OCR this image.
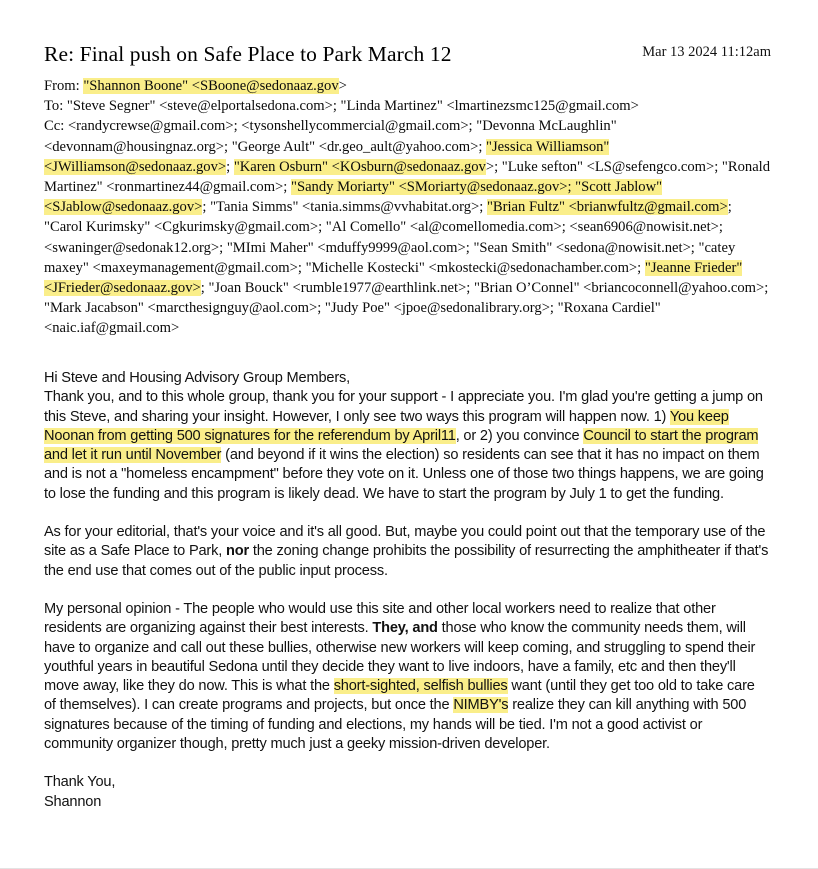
Re: Final push on Safe Place to Park March 12	Mar 13 2024 11:12am
From: "Shannon Boone" <SBoone@sedonaaz.gov>
To: "Steve Segner" <steve@elportalsedona.com>; "Linda Martinez" <lmartinezsmc125@gmail.com>
Cc: <randycrewse@gmail.com>; <tysonshellycommercial@gmail.com>; "Devonna McLaughlin" <devonnam@housingnaz.org>; "George Ault" <dr.geo_ault@yahoo.com>; "Jessica Williamson" <JWilliamson@sedonaaz.gov>; "Karen Osburn" <KOsburn@sedonaaz.gov>; "Luke sefton" <LS@sefengco.com>; "Ronald Martinez" <ronmartinez44@gmail.com>; "Sandy Moriarty" <SMoriarty@sedonaaz.gov>; "Scott Jablow" <SJablow@sedonaaz.gov>; "Tania Simms" <tania.simms@vvhabitat.org>; "Brian Fultz" <brianwfultz@gmail.com>; "Carol Kurimsky" <Cgkurimsky@gmail.com>; "Al Comello" <al@comellomedia.com>; <sean6906@nowisit.net>; <swaninger@sedonak12.org>; "MImi Maher" <mduffy9999@aol.com>; "Sean Smith" <sedona@nowisit.net>; "catey maxey" <maxeymanagement@gmail.com>; "Michelle Kostecki" <mkostecki@sedonachamber.com>; "Jeanne Frieder" <JFrieder@sedonaaz.gov>; "Joan Bouck" <rumble1977@earthlink.net>; "Brian O’Connel" <briancoconnell@yahoo.com>; "Mark Jacabson" <marcthesignguy@aol.com>; "Judy Poe" <jpoe@sedonalibrary.org>; "Roxana Cardiel" <naic.iaf@gmail.com>

Hi Steve and Housing Advisory Group Members,

Thank you, and to this whole group, thank you for your support - I appreciate you. I'm glad you're getting a jump on this Steve, and sharing your insight. However, I only see two ways this program will happen now. 1) You keep Noonan from getting 500 signatures for the referendum by April11, or 2) you convince Council to start the program and let it run until November (and beyond if it wins the election) so residents can see that it has no impact on them and is not a "homeless encampment" before they vote on it. Unless one of those two things happens, we are going to lose the funding and this program is likely dead. We have to start the program by July 1 to get the funding.

As for your editorial, that's your voice and it's all good. But, maybe you could point out that the temporary use of the site as a Safe Place to Park, nor the zoning change prohibits the possibility of resurrecting the amphitheater if that's the end use that comes out of the public input process.

My personal opinion - The people who would use this site and other local workers need to realize that other residents are organizing against their best interests. They, and those who know the community needs them, will have to organize and call out these bullies, otherwise new workers will keep coming, and struggling to spend their youthful years in beautiful Sedona until they decide they want to live indoors, have a family, etc and then they'll move away, like they do now. This is what the short-sighted, selfish bullies want (until they get too old to take care of themselves). I can create programs and projects, but once the NIMBY's realize they can kill anything with 500 signatures because of the timing of funding and elections, my hands will be tied. I'm not a good activist or community organizer though, pretty much just a geeky mission-driven developer.

Thank You,
Shannon
